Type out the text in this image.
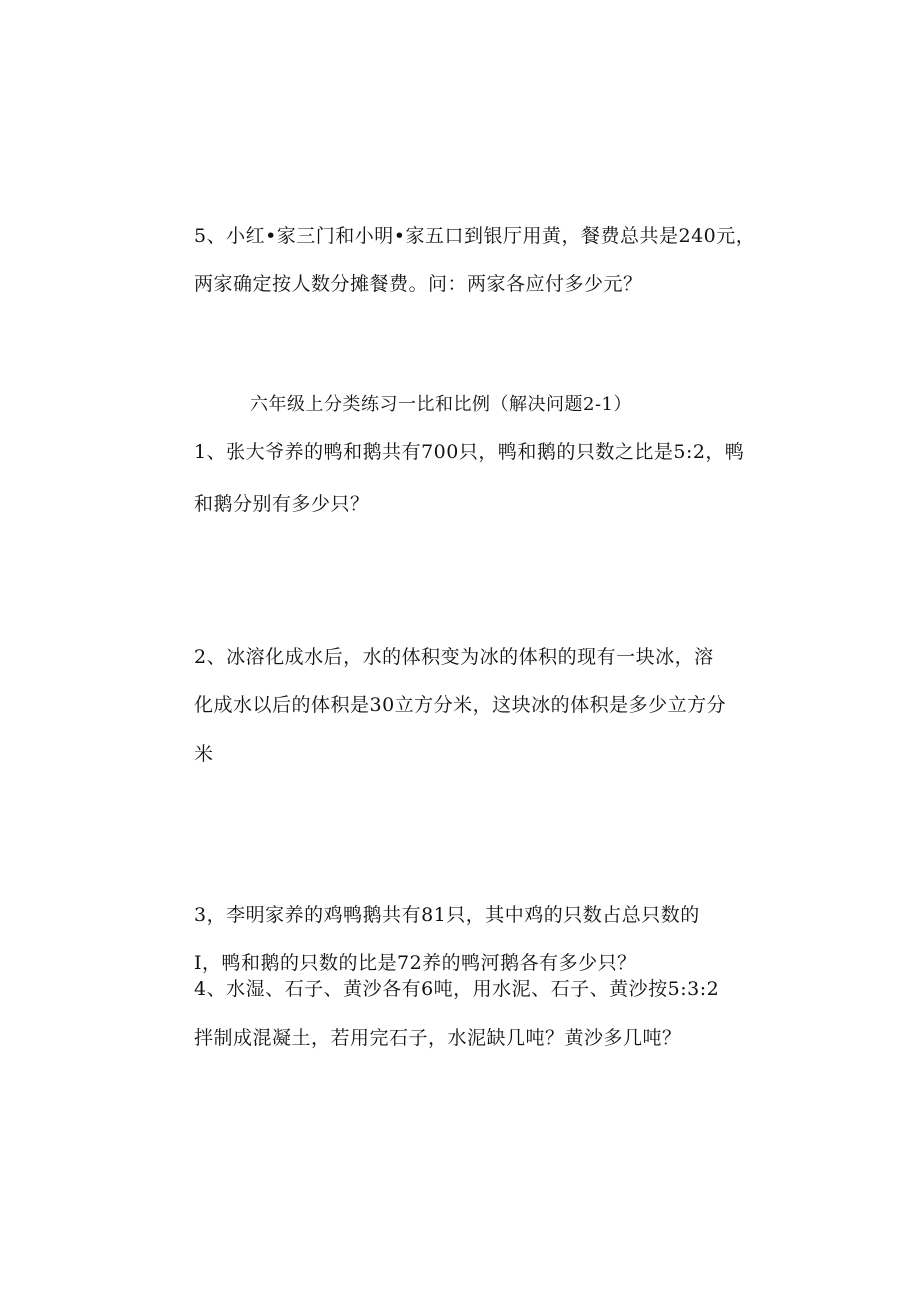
5、小红•家三门和小明•家五口到银厅用黄，餐费总共是240元，
两家确定按人数分摊餐费。问：两家各应付多少元？
六年级上分类练习一比和比例（解决问题2-1）
1、张大爷养的鸭和鹅共有700只，鸭和鹅的只数之比是5:2，鸭
和鹅分别有多少只？
2、冰溶化成水后，水的体积变为冰的体积的现有一块冰，溶
化成水以后的体积是30立方分米，这块冰的体积是多少立方分
米
3，李明家养的鸡鸭鹅共有81只，其中鸡的只数占总只数的
I，鸭和鹅的只数的比是72养的鸭河鹅各有多少只？
4、水湿、石子、黄沙各有6吨，用水泥、石子、黄沙按5:3:2
拌制成混凝土，若用完石子，水泥缺几吨？黄沙多几吨？
